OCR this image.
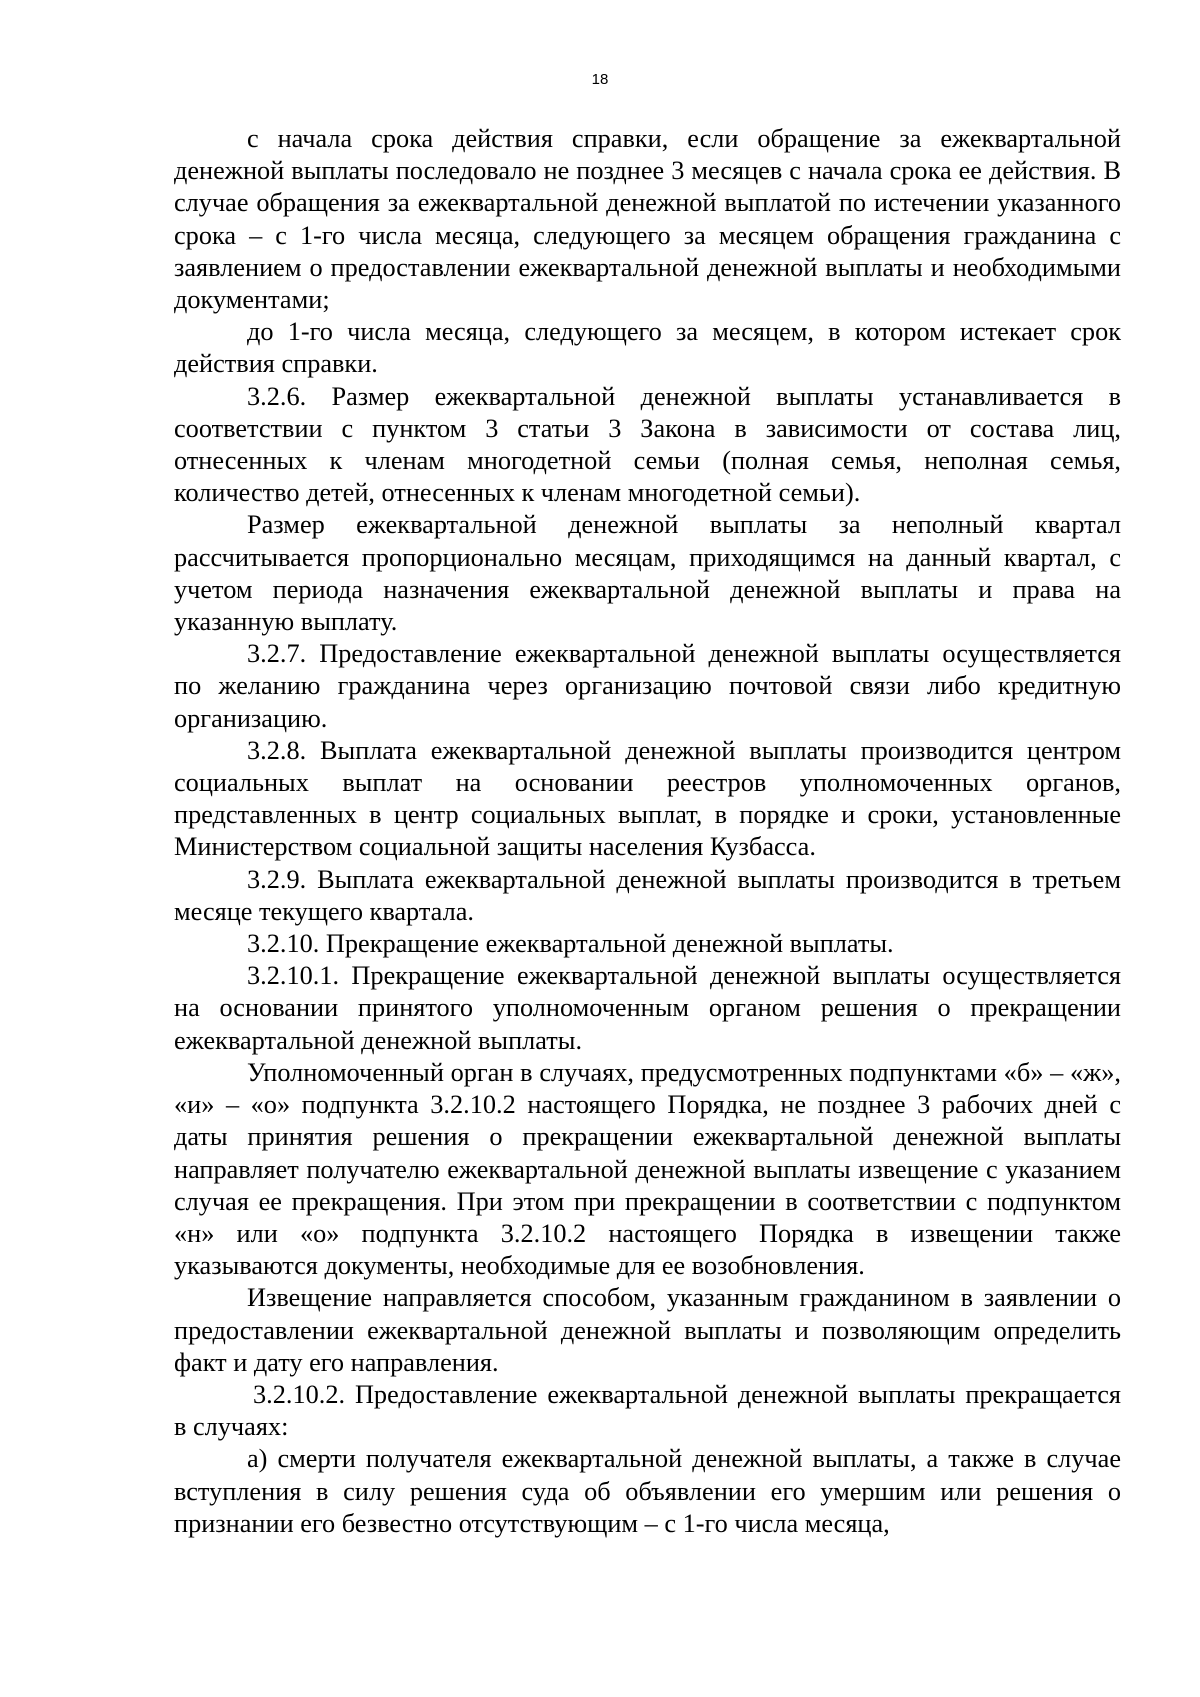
18

с начала срока действия справки, если обращение за ежеквартальной денежной выплаты последовало не позднее 3 месяцев с начала срока ее действия. В случае обращения за ежеквартальной денежной выплатой по истечении указанного срока – с 1-го числа месяца, следующего за месяцем обращения гражданина с заявлением о предоставлении ежеквартальной денежной выплаты и необходимыми документами;

до 1-го числа месяца, следующего за месяцем, в котором истекает срок действия справки.

3.2.6. Размер ежеквартальной денежной выплаты устанавливается в соответствии с пунктом 3 статьи 3 Закона в зависимости от состава лиц, отнесенных к членам многодетной семьи (полная семья, неполная семья, количество детей, отнесенных к членам многодетной семьи).

Размер ежеквартальной денежной выплаты за неполный квартал рассчитывается пропорционально месяцам, приходящимся на данный квартал, с учетом периода назначения ежеквартальной денежной выплаты и права на указанную выплату.

3.2.7. Предоставление ежеквартальной денежной выплаты осуществляется по желанию гражданина через организацию почтовой связи либо кредитную организацию.

3.2.8. Выплата ежеквартальной денежной выплаты производится центром социальных выплат на основании реестров уполномоченных органов, представленных в центр социальных выплат, в порядке и сроки, установленные Министерством социальной защиты населения Кузбасса.

3.2.9. Выплата ежеквартальной денежной выплаты производится в третьем месяце текущего квартала.

3.2.10. Прекращение ежеквартальной денежной выплаты.

3.2.10.1. Прекращение ежеквартальной денежной выплаты осуществляется на основании принятого уполномоченным органом решения о прекращении ежеквартальной денежной выплаты.

Уполномоченный орган в случаях, предусмотренных подпунктами «б» – «ж», «и» – «о» подпункта 3.2.10.2 настоящего Порядка, не позднее 3 рабочих дней с даты принятия решения о прекращении ежеквартальной денежной выплаты направляет получателю ежеквартальной денежной выплаты извещение с указанием случая ее прекращения. При этом при прекращении в соответствии с подпунктом «н» или «о» подпункта 3.2.10.2 настоящего Порядка в извещении также указываются документы, необходимые для ее возобновления.

Извещение направляется способом, указанным гражданином в заявлении о предоставлении ежеквартальной денежной выплаты и позволяющим определить факт и дату его направления.

3.2.10.2. Предоставление ежеквартальной денежной выплаты прекращается в случаях:

а) смерти получателя ежеквартальной денежной выплаты, а также в случае вступления в силу решения суда об объявлении его умершим или решения о признании его безвестно отсутствующим – с 1-го числа месяца,
